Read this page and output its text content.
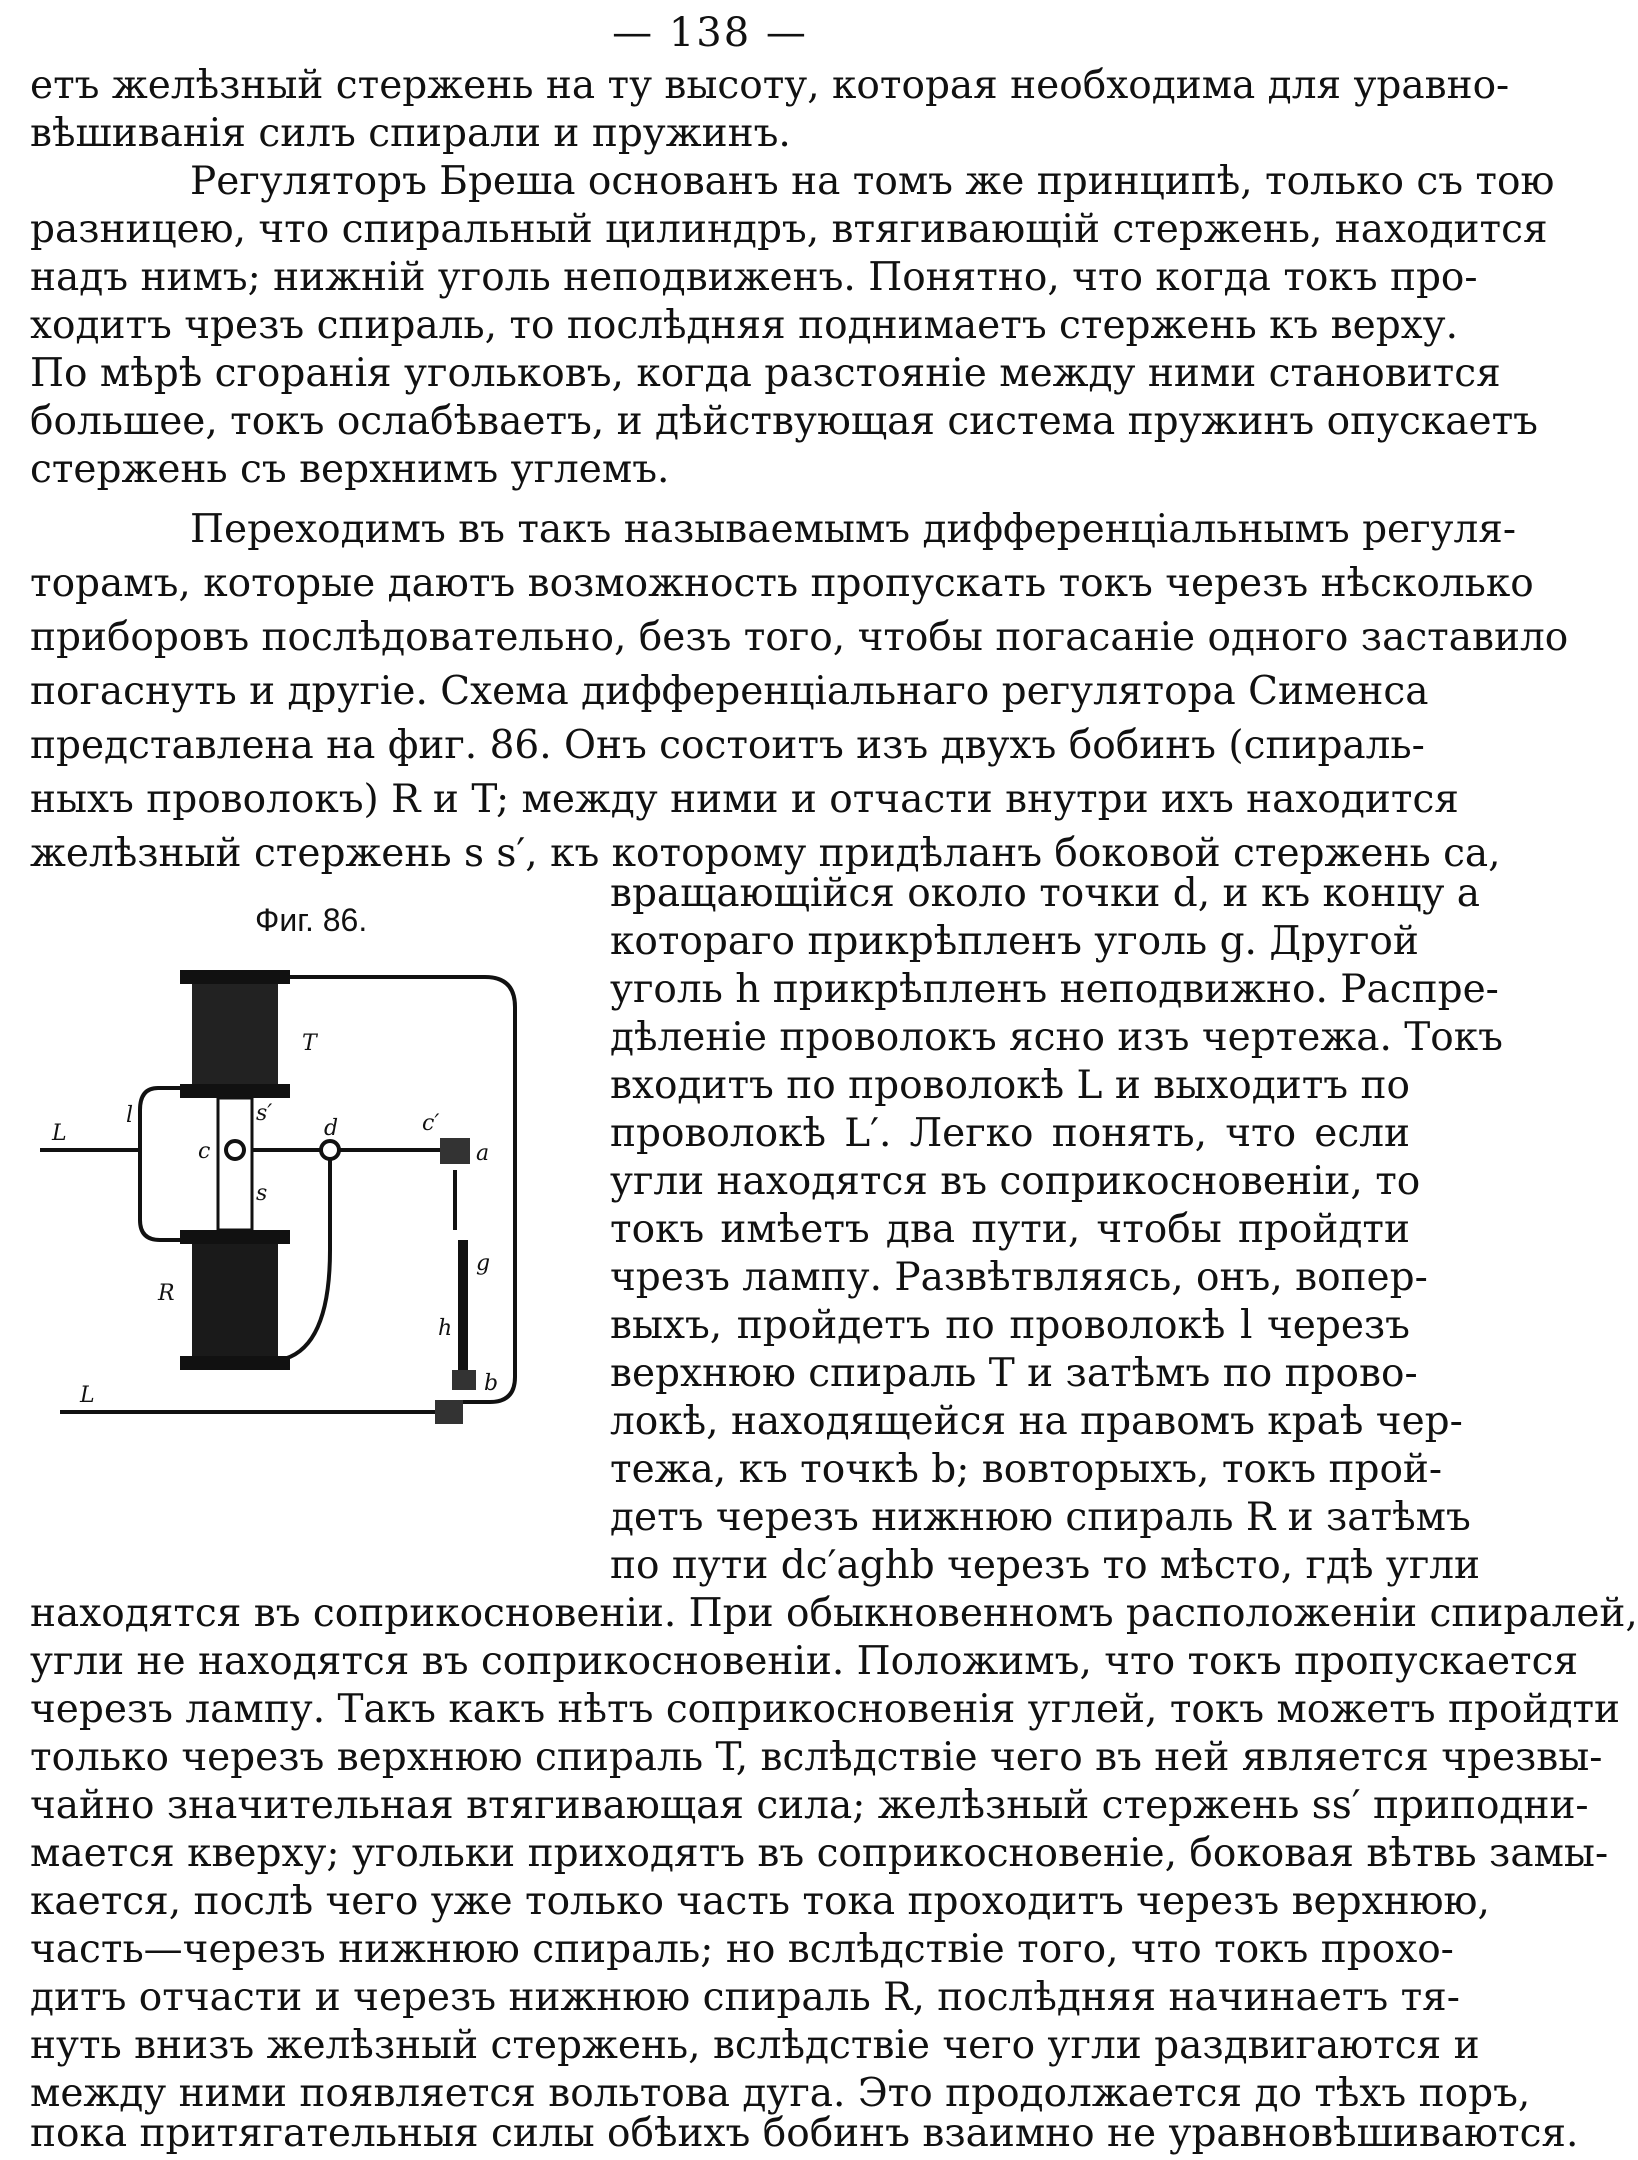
— 138 —
етъ желѣзный стержень на ту высоту, которая необходима для уравно-
вѣшиванія силъ спирали и пружинъ.
Регуляторъ Бреша основанъ на томъ же принципѣ, только съ тою
разницею, что спиральный цилиндръ, втягивающій стержень, находится
надъ нимъ; нижній уголь неподвиженъ. Понятно, что когда токъ про-
ходитъ чрезъ спираль, то послѣдняя поднимаетъ стержень къ верху.
По мѣрѣ сгоранія угольковъ, когда разстояніе между ними становится
большее, токъ ослабѣваетъ, и дѣйствующая система пружинъ опускаетъ
стержень съ верхнимъ углемъ.
Переходимъ въ такъ называемымъ дифференціальнымъ регуля-
торамъ, которые даютъ возможность пропускать токъ черезъ нѣсколько
приборовъ послѣдовательно, безъ того, чтобы погасаніе одного заставило
погаснуть и другіе. Схема дифференціальнаго регулятора Сименса
представлена на фиг. 86. Онъ состоитъ изъ двухъ бобинъ (спираль-
ныхъ проволокъ) R и T; между ними и отчасти внутри ихъ находится
желѣзный стержень s s′, къ которому придѣланъ боковой стержень ca,
вращающійся около точки d, и къ концу a
котораго прикрѣпленъ уголь g. Другой
уголь h прикрѣпленъ неподвижно. Распре-
дѣленіе проволокъ ясно изъ чертежа. Токъ
входитъ по проволокѣ L и выходитъ по
проволокѣ L′. Легко понять, что если
угли находятся въ соприкосновеніи, то
токъ имѣетъ два пути, чтобы пройдти
чрезъ лампу. Развѣтвляясь, онъ, вопер-
выхъ, пройдетъ по проволокѣ l черезъ
верхнюю спираль T и затѣмъ по прово-
локѣ, находящейся на правомъ краѣ чер-
тежа, къ точкѣ b; вовторыхъ, токъ прой-
детъ черезъ нижнюю спираль R и затѣмъ
по пути dc′aghb черезъ то мѣсто, гдѣ угли
находятся въ соприкосновеніи. При обыкновенномъ расположеніи спиралей,
угли не находятся въ соприкосновеніи. Положимъ, что токъ пропускается
черезъ лампу. Такъ какъ нѣтъ соприкосновенія углей, токъ можетъ пройдти
только черезъ верхнюю спираль T, вслѣдствіе чего въ ней является чрезвы-
чайно значительная втягивающая сила; желѣзный стержень ss′ приподни-
мается кверху; угольки приходятъ въ соприкосновеніе, боковая вѣтвь замы-
кается, послѣ чего уже только часть тока проходитъ черезъ верхнюю,
часть—черезъ нижнюю спираль; но вслѣдствіе того, что токъ прохо-
дитъ отчасти и черезъ нижнюю спираль R, послѣдняя начинаетъ тя-
нуть внизъ желѣзный стержень, вслѣдствіе чего угли раздвигаются и
между ними появляется вольтова дуга. Это продолжается до тѣхъ поръ,
пока притягательныя силы обѣихъ бобинъ взаимно не уравновѣшиваются.
Фиг. 86.
T
R
l
L
L
c
s′
s
d	c′
a
g
h
b
